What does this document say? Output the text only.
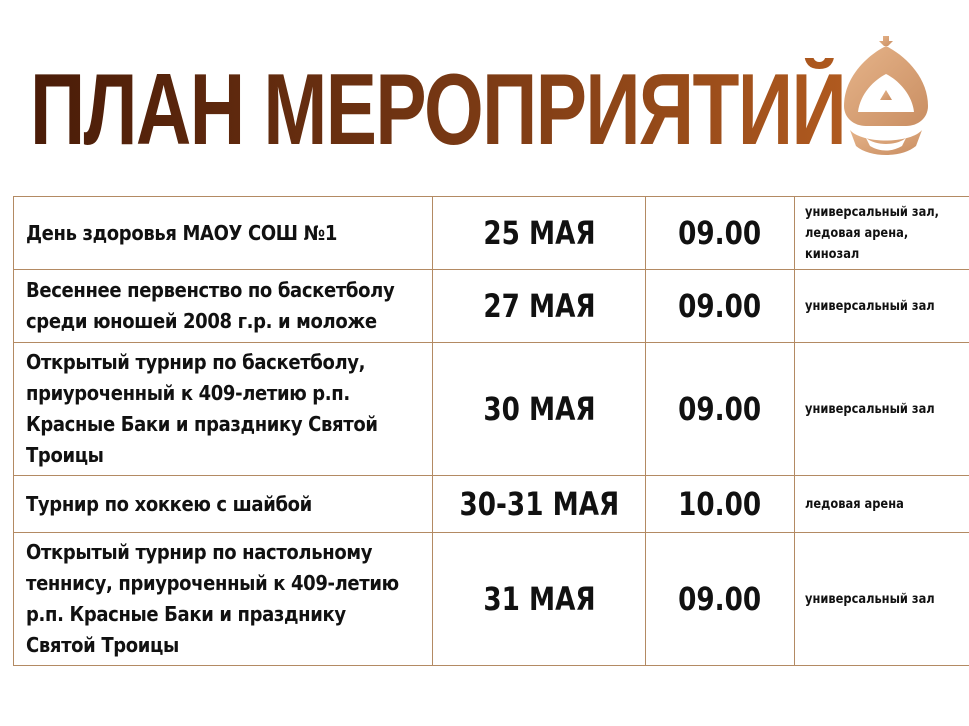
ПЛАН МЕРОПРИЯТИЙ
День здоровья МАОУ СОШ №1	25 МАЯ	09.00	универсальный зал,
ледовая арена,
кинозал
Весеннее первенство по баскетболу
среди юношей 2008 г.р. и моложе	27 МАЯ	09.00	универсальный зал
Открытый турнир по баскетболу,
приуроченный к 409-летию р.п.
Красные Баки и празднику Святой
Троицы	30 МАЯ	09.00	универсальный зал
Турнир по хоккею с шайбой	30-31 МАЯ	10.00	ледовая арена
Открытый турнир по настольному
теннису, приуроченный к 409-летию
р.п. Красные Баки и празднику
Святой Троицы	31 МАЯ	09.00	универсальный зал
